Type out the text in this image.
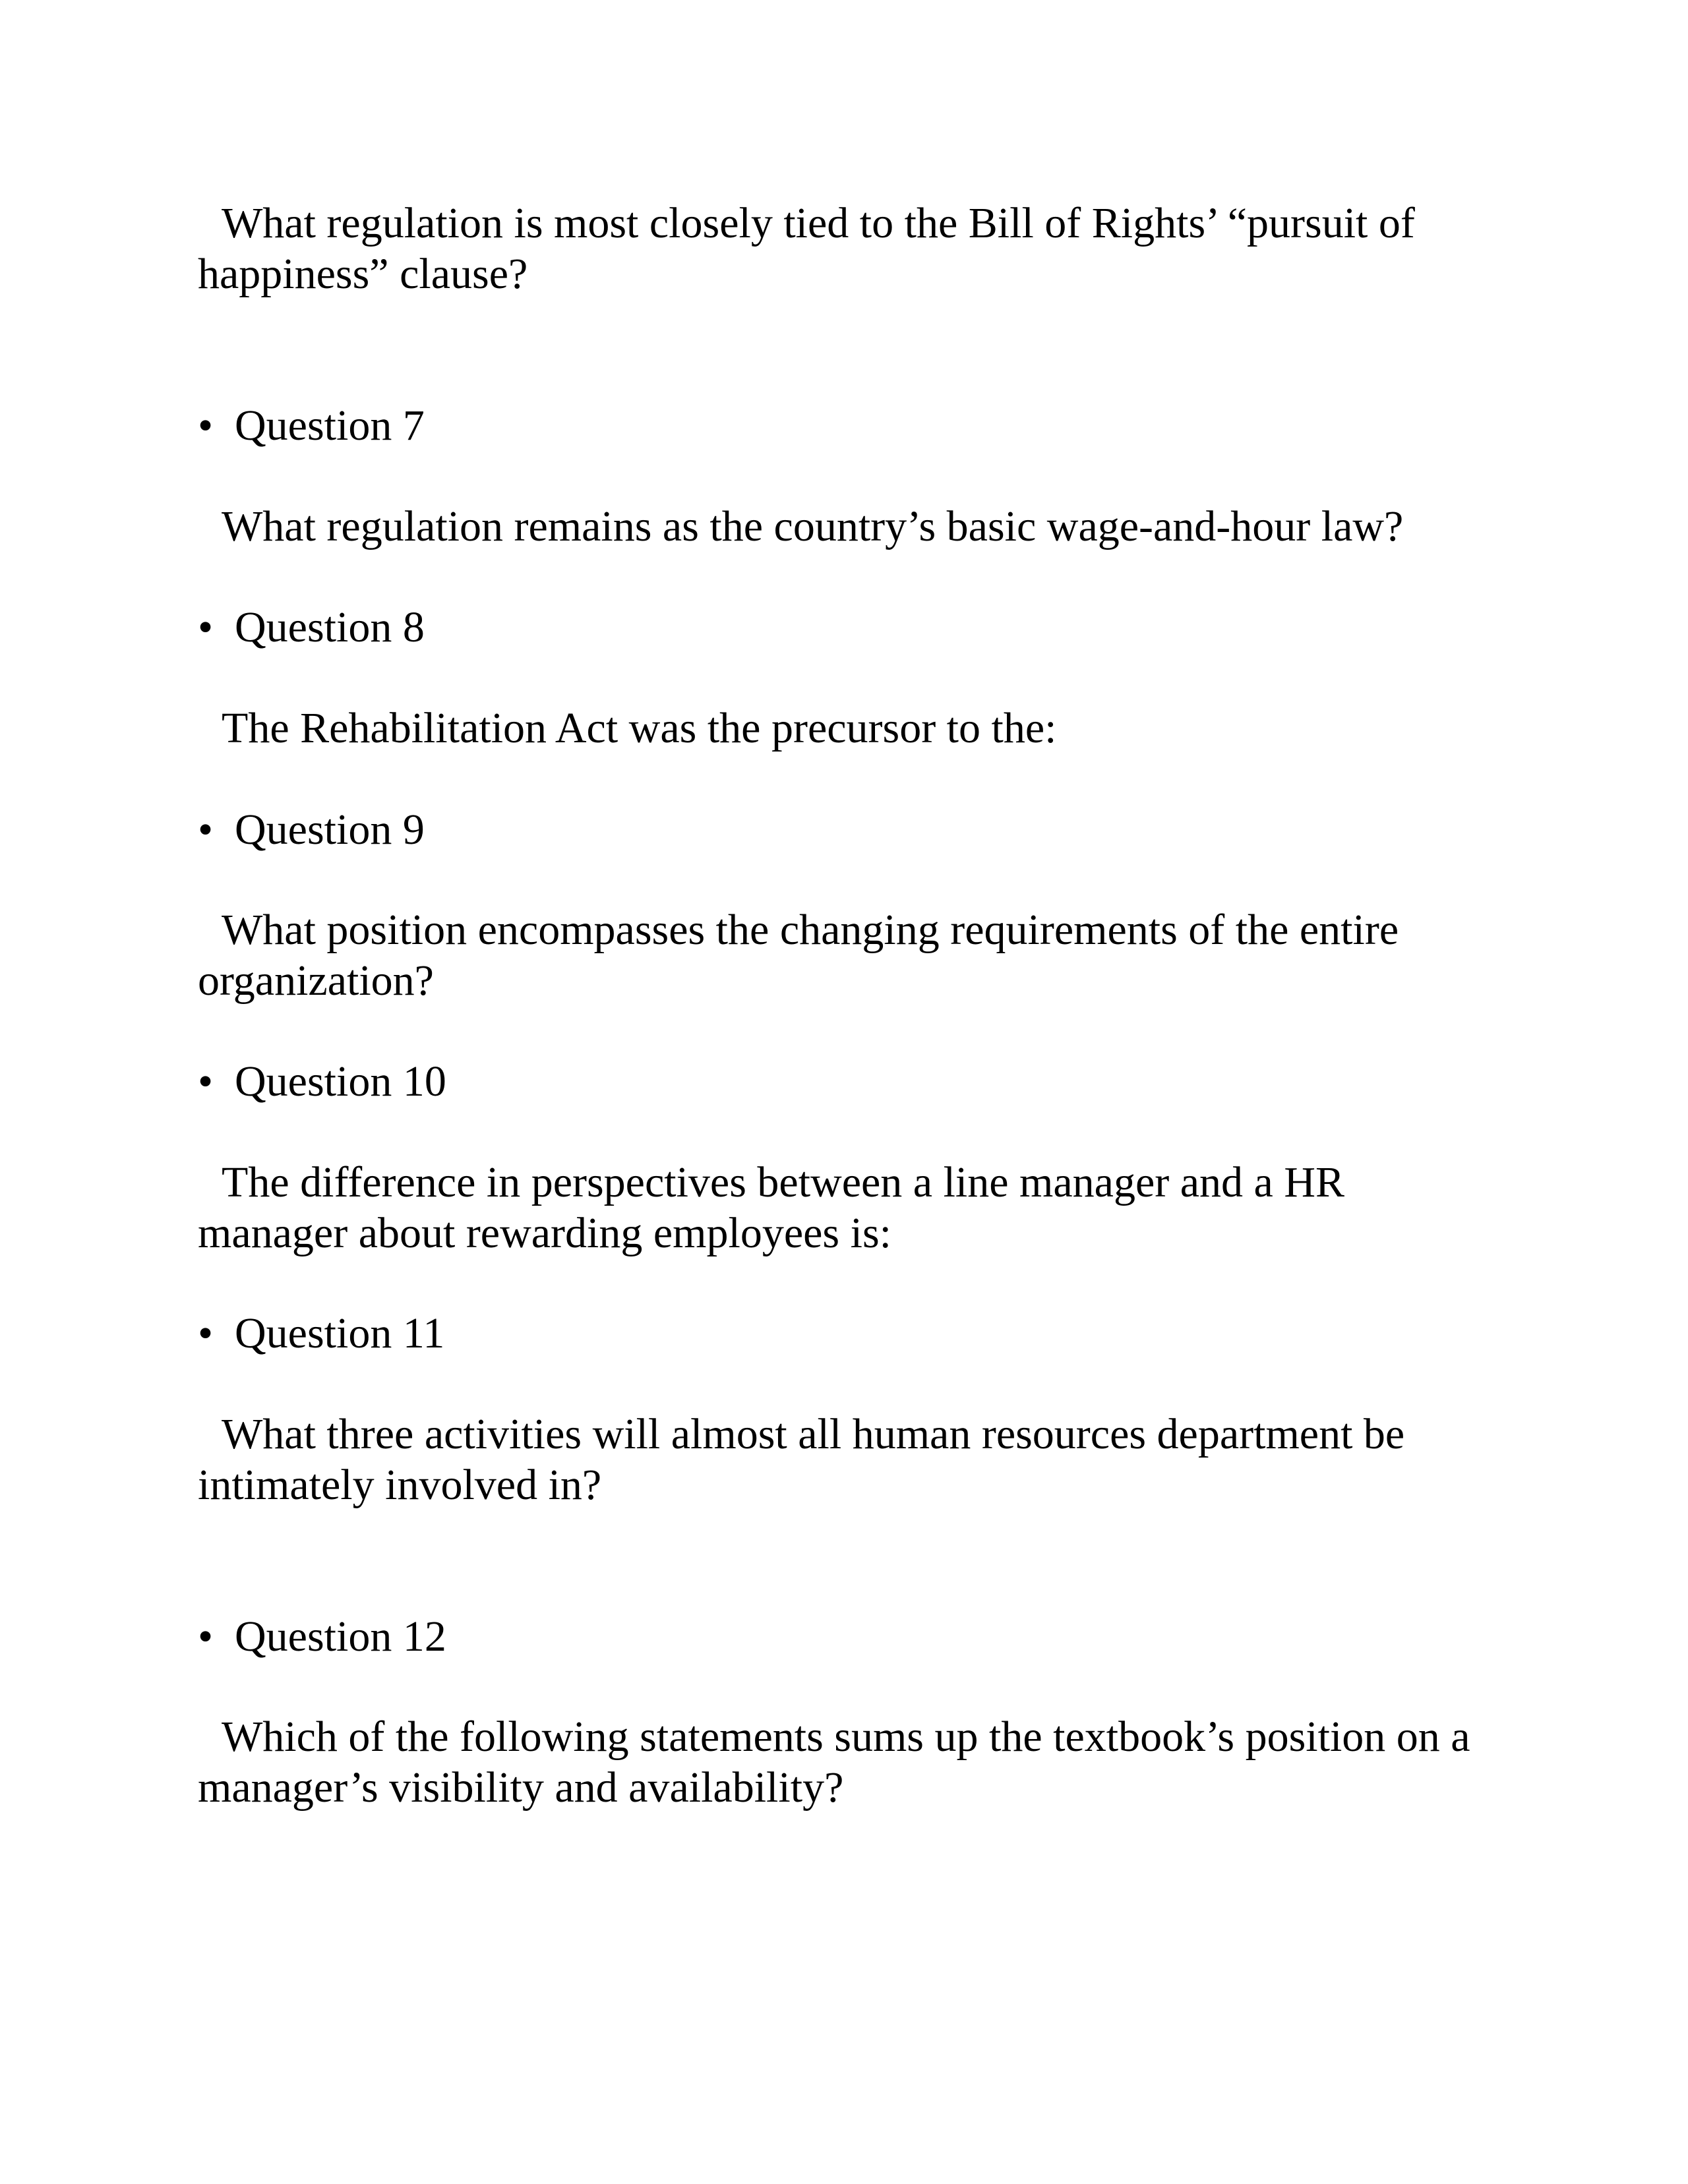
What regulation is most closely tied to the Bill of Rights’ “pursuit of
happiness” clause?
• Question 7
What regulation remains as the country’s basic wage-and-hour law?
• Question 8
The Rehabilitation Act was the precursor to the:
• Question 9
What position encompasses the changing requirements of the entire
organization?
• Question 10
The difference in perspectives between a line manager and a HR
manager about rewarding employees is:
• Question 11
What three activities will almost all human resources department be
intimately involved in?
• Question 12
Which of the following statements sums up the textbook’s position on a
manager’s visibility and availability?
